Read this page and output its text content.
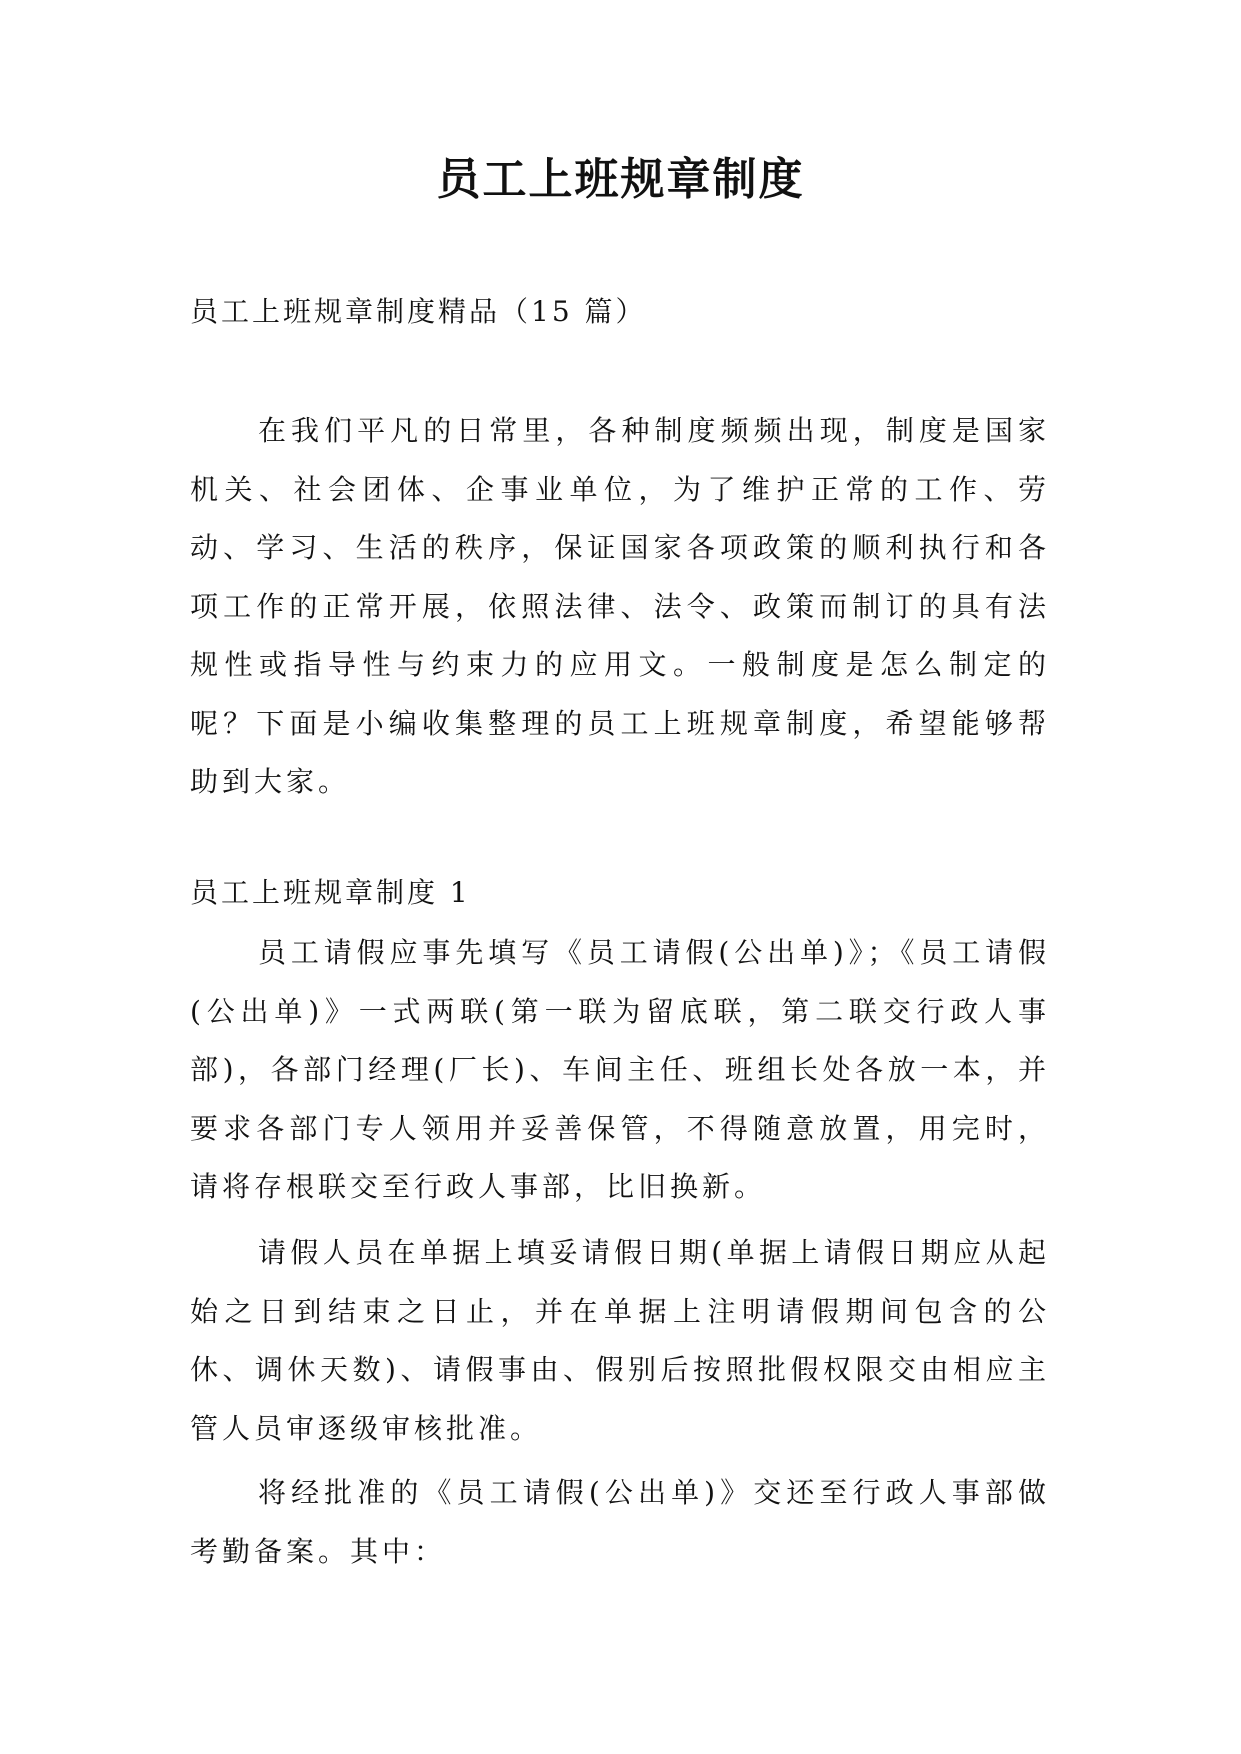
员工上班规章制度

员工上班规章制度精品（15 篇）

在我们平凡的日常里，各种制度频频出现，制度是国家机关、社会团体、企事业单位，为了维护正常的工作、劳动、学习、生活的秩序，保证国家各项政策的顺利执行和各项工作的正常开展，依照法律、法令、政策而制订的具有法规性或指导性与约束力的应用文。一般制度是怎么制定的呢？下面是小编收集整理的员工上班规章制度，希望能够帮助到大家。

员工上班规章制度 1

员工请假应事先填写《员工请假(公出单)》；《员工请假(公出单)》一式两联(第一联为留底联，第二联交行政人事部)，各部门经理(厂长)、车间主任、班组长处各放一本，并要求各部门专人领用并妥善保管，不得随意放置，用完时，请将存根联交至行政人事部，比旧换新。

请假人员在单据上填妥请假日期(单据上请假日期应从起始之日到结束之日止，并在单据上注明请假期间包含的公休、调休天数)、请假事由、假别后按照批假权限交由相应主管人员审逐级审核批准。

将经批准的《员工请假(公出单)》交还至行政人事部做考勤备案。其中：
